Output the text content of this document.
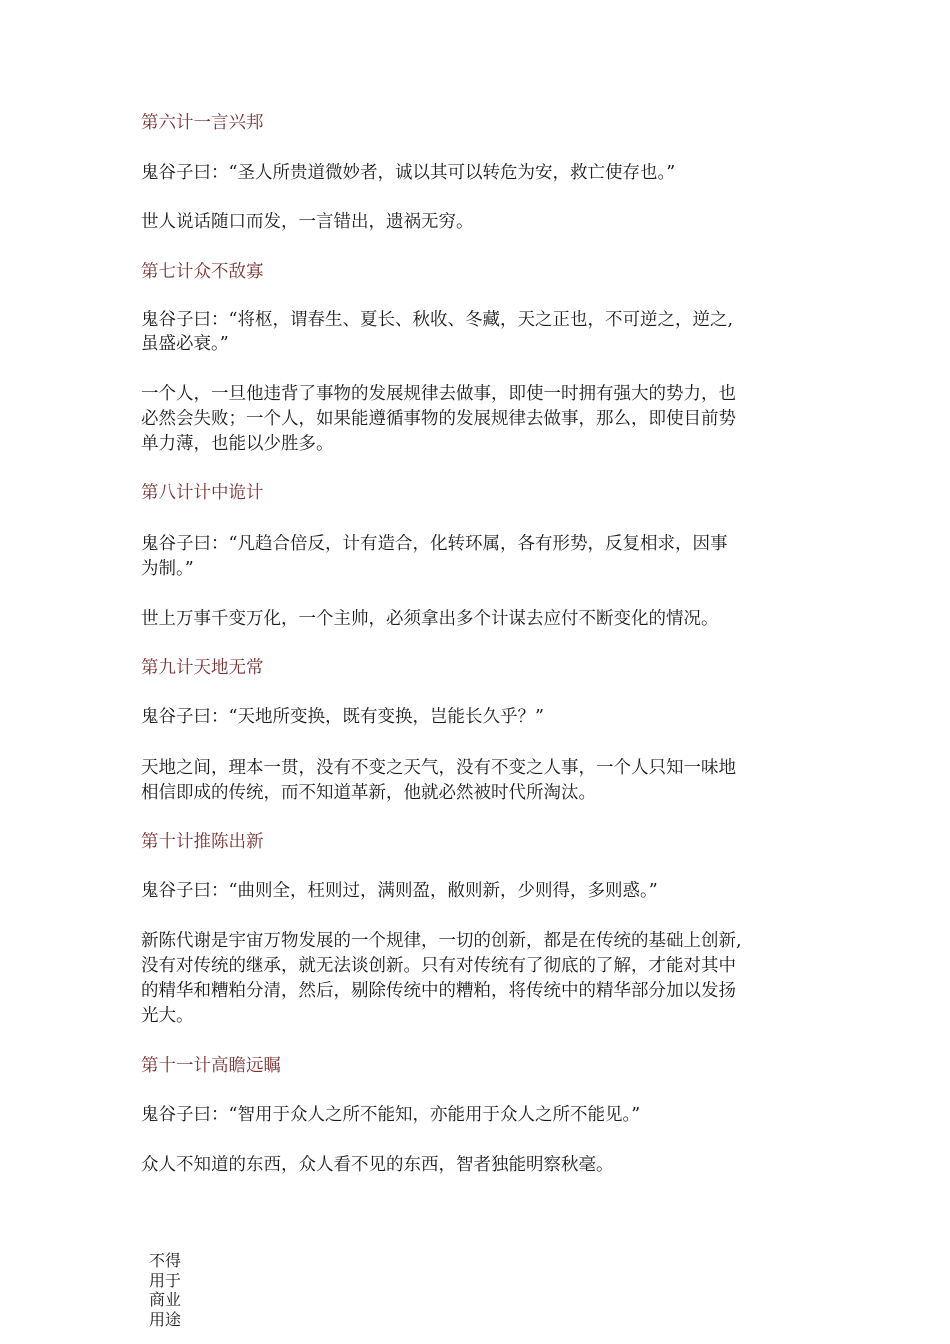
第六计一言兴邦
鬼谷子曰：“圣人所贵道微妙者，诚以其可以转危为安，救亡使存也。”
世人说话随口而发，一言错出，遗祸无穷。
第七计众不敌寡
鬼谷子曰：“将枢，谓春生、夏长、秋收、冬藏，天之正也，不可逆之，逆之,
虽盛必衰。”
一个人，一旦他违背了事物的发展规律去做事，即使一时拥有强大的势力，也
必然会失败；一个人，如果能遵循事物的发展规律去做事，那么，即使目前势
单力薄，也能以少胜多。
第八计计中诡计
鬼谷子曰：“凡趋合倍反，计有造合，化转环属，各有形势，反复相求，因事
为制。”
世上万事千变万化，一个主帅，必须拿出多个计谋去应付不断变化的情况。
第九计天地无常
鬼谷子曰：“天地所变换，既有变换，岂能长久乎？”
天地之间，理本一贯，没有不变之天气，没有不变之人事，一个人只知一味地
相信即成的传统，而不知道革新，他就必然被时代所淘汰。
第十计推陈出新
鬼谷子曰：“曲则全，枉则过，满则盈，敝则新，少则得，多则惑。”
新陈代谢是宇宙万物发展的一个规律，一切的创新，都是在传统的基础上创新,
没有对传统的继承，就无法谈创新。只有对传统有了彻底的了解，才能对其中
的精华和糟粕分清，然后，剔除传统中的糟粕，将传统中的精华部分加以发扬
光大。
第十一计高瞻远瞩
鬼谷子曰：“智用于众人之所不能知，亦能用于众人之所不能见。”
众人不知道的东西，众人看不见的东西，智者独能明察秋毫。
不得
用于
商业
用途
